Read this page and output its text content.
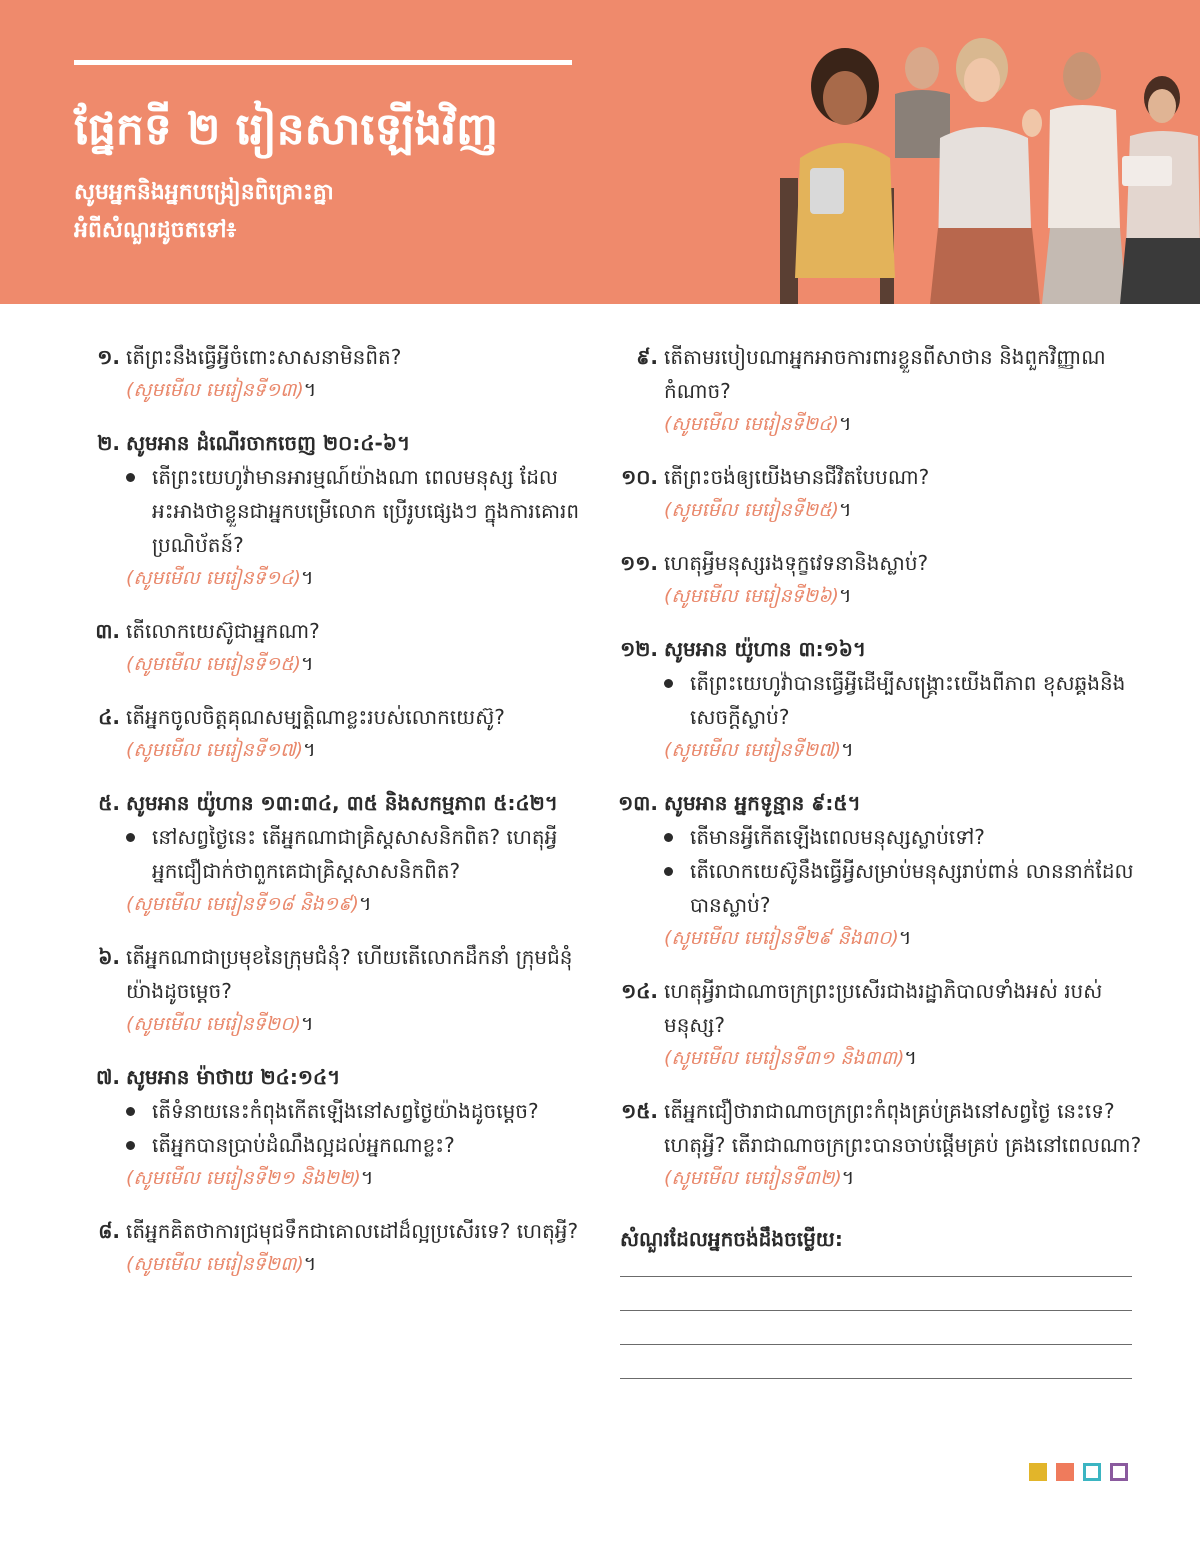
ផ្នែកទី ២ រៀនសាឡើងវិញ
សូមអ្នកនិងអ្នកបង្រៀនពិគ្រោះគ្នា
អំពីសំណួរដូចតទៅ៖
១. តើព្រះនឹងធ្វើអ្វីចំពោះសាសនាមិនពិត?
(សូមមើល មេរៀនទី១៣)។
២. សូមអាន ដំណើរចាកចេញ ២០:៤-៦។
តើព្រះយេហូវ៉ាមានអារម្មណ៍យ៉ាងណា ពេលមនុស្ស ដែលអះអាងថាខ្លួនជាអ្នកបម្រើលោក ប្រើរូបផ្សេងៗ ក្នុងការគោរពប្រណិប័តន៍?
(សូមមើល មេរៀនទី១៤)។
៣. តើលោកយេស៊ូជាអ្នកណា?
(សូមមើល មេរៀនទី១៥)។
៤. តើអ្នកចូលចិត្តគុណសម្បត្តិណាខ្លះរបស់លោកយេស៊ូ?
(សូមមើល មេរៀនទី១៧)។
៥. សូមអាន យ៉ូហាន ១៣:៣៤, ៣៥ និងសកម្មភាព ៥:៤២។
នៅសព្វថ្ងៃនេះ តើអ្នកណាជាគ្រិស្តសាសនិកពិត? ហេតុអ្វីអ្នកជឿជាក់ថាពួកគេជាគ្រិស្តសាសនិកពិត?
(សូមមើល មេរៀនទី១៨ និង១៩)។
៦. តើអ្នកណាជាប្រមុខនៃក្រុមជំនុំ? ហើយតើលោកដឹកនាំ ក្រុមជំនុំយ៉ាងដូចម្ដេច?
(សូមមើល មេរៀនទី២០)។
៧. សូមអាន ម៉ាថាយ ២៤:១៤។
តើទំនាយនេះកំពុងកើតឡើងនៅសព្វថ្ងៃយ៉ាងដូចម្ដេច?
តើអ្នកបានប្រាប់ដំណឹងល្អដល់អ្នកណាខ្លះ?
(សូមមើល មេរៀនទី២១ និង២២)។
៨. តើអ្នកគិតថាការជ្រមុជទឹកជាគោលដៅដ៏ល្អប្រសើរទេ? ហេតុអ្វី?
(សូមមើល មេរៀនទី២៣)។
៩. តើតាមរបៀបណាអ្នកអាចការពារខ្លួនពីសាថាន និងពួកវិញ្ញាណកំណាច?
(សូមមើល មេរៀនទី២៤)។
១០. តើព្រះចង់ឲ្យយើងមានជីវិតបែបណា?
(សូមមើល មេរៀនទី២៥)។
១១. ហេតុអ្វីមនុស្សរងទុក្ខវេទនានិងស្លាប់?
(សូមមើល មេរៀនទី២៦)។
១២. សូមអាន យ៉ូហាន ៣:១៦។
តើព្រះយេហូវ៉ាបានធ្វើអ្វីដើម្បីសង្គ្រោះយើងពីភាព ខុសឆ្គងនិងសេចក្ដីស្លាប់?
(សូមមើល មេរៀនទី២៧)។
១៣. សូមអាន អ្នកទូន្មាន ៩:៥។
តើមានអ្វីកើតឡើងពេលមនុស្សស្លាប់ទៅ?
តើលោកយេស៊ូនឹងធ្វើអ្វីសម្រាប់មនុស្សរាប់ពាន់ លាននាក់ដែលបានស្លាប់?
(សូមមើល មេរៀនទី២៩ និង៣០)។
១៤. ហេតុអ្វីរាជាណាចក្រព្រះប្រសើរជាងរដ្ឋាភិបាលទាំងអស់ របស់មនុស្ស?
(សូមមើល មេរៀនទី៣១ និង៣៣)។
១៥. តើអ្នកជឿថារាជាណាចក្រព្រះកំពុងគ្រប់គ្រងនៅសព្វថ្ងៃ នេះទេ? ហេតុអ្វី? តើរាជាណាចក្រព្រះបានចាប់ផ្ដើមគ្រប់ គ្រងនៅពេលណា?
(សូមមើល មេរៀនទី៣២)។
សំណួរដែលអ្នកចង់ដឹងចម្លើយ:
